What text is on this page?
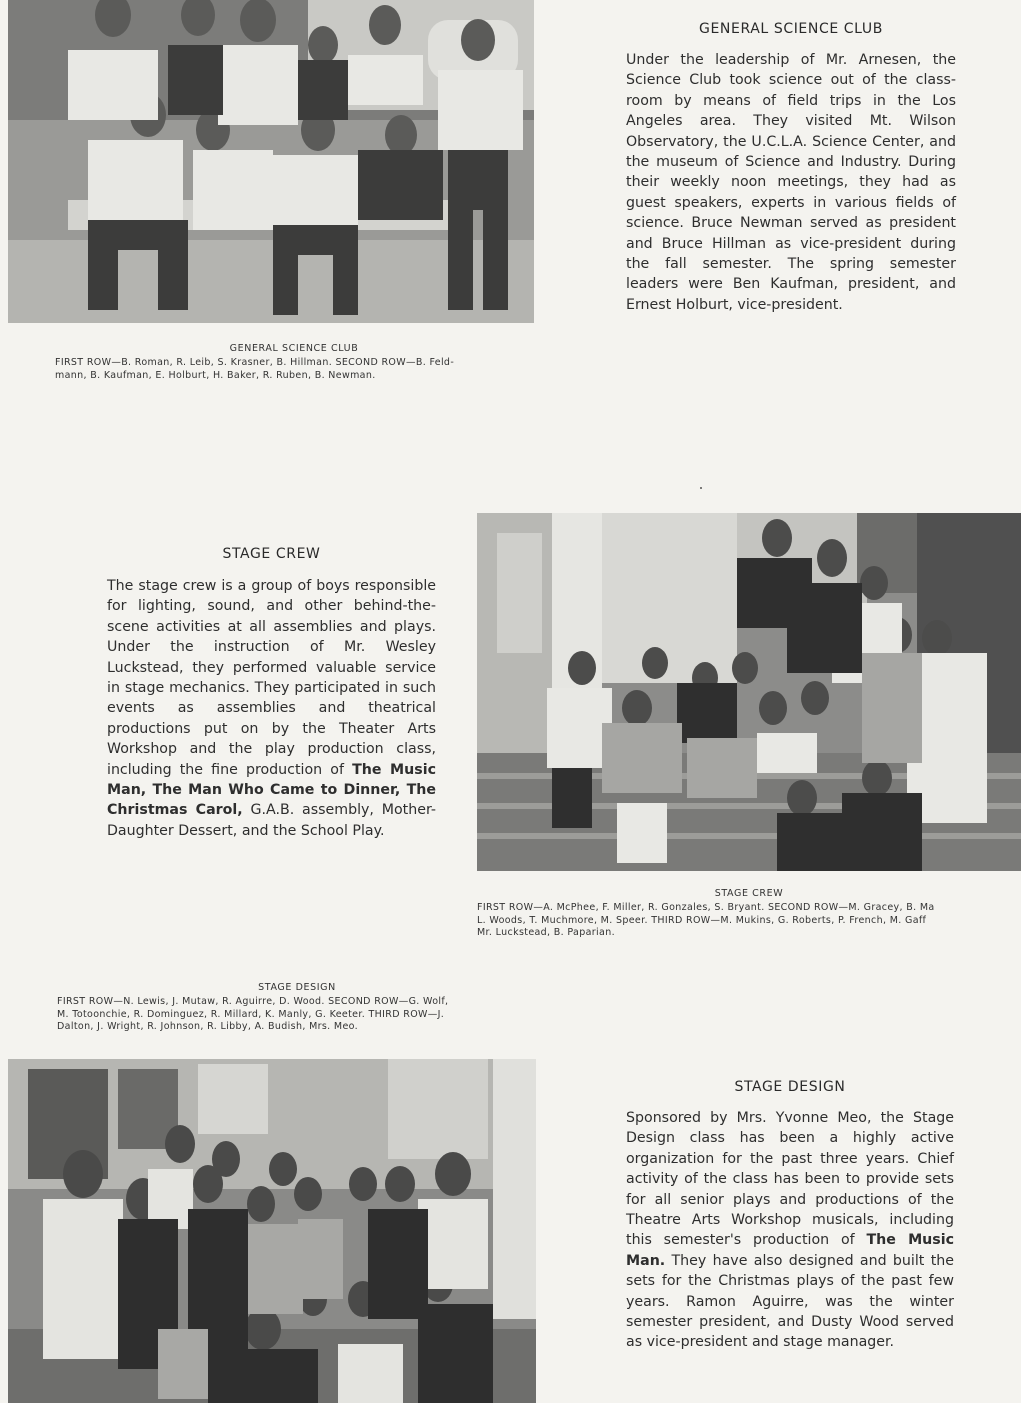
GENERAL SCIENCE CLUB
FIRST ROW—B. Roman, R. Leib, S. Krasner, B. Hillman. SECOND ROW—B. Feld-
mann, B. Kaufman, E. Holburt, H. Baker, R. Ruben, B. Newman.
GENERAL SCIENCE CLUB
Under the leadership of Mr. Arnesen, the Science Club took science out of the class-room by means of field trips in the Los Angeles area. They visited Mt. Wilson Observatory, the U.C.L.A. Science Center, and the museum of Science and Industry. During their weekly noon meetings, they had as guest speakers, experts in various fields of science. Bruce Newman served as president and Bruce Hillman as vice-president during the fall semester. The spring semester leaders were Ben Kaufman, president, and Ernest Holburt, vice-president.
STAGE CREW
The stage crew is a group of boys responsible for lighting, sound, and other behind-the-scene activities at all assemblies and plays. Under the instruction of Mr. Wesley Luckstead, they performed valuable service in stage mechanics. They participated in such events as assemblies and theatrical productions put on by the Theater Arts Workshop and the play production class, including the fine production of The Music Man, The Man Who Came to Dinner, The Christmas Carol, G.A.B. assembly, Mother-Daughter Dessert, and the School Play.
STAGE CREW
FIRST ROW—A. McPhee, F. Miller, R. Gonzales, S. Bryant. SECOND ROW—M. Gracey, B. Ma
L. Woods, T. Muchmore, M. Speer. THIRD ROW—M. Mukins, G. Roberts, P. French, M. Gaff
Mr. Luckstead, B. Paparian.
STAGE DESIGN
FIRST ROW—N. Lewis, J. Mutaw, R. Aguirre, D. Wood. SECOND ROW—G. Wolf,
M. Totoonchie, R. Dominguez, R. Millard, K. Manly, G. Keeter. THIRD ROW—J.
Dalton, J. Wright, R. Johnson, R. Libby, A. Budish, Mrs. Meo.
STAGE DESIGN
Sponsored by Mrs. Yvonne Meo, the Stage Design class has been a highly active organization for the past three years. Chief activity of the class has been to provide sets for all senior plays and productions of the Theatre Arts Workshop musicals, including this semester's production of The Music Man. They have also designed and built the sets for the Christmas plays of the past few years. Ramon Aguirre, was the winter semester president, and Dusty Wood served as vice-president and stage manager.
